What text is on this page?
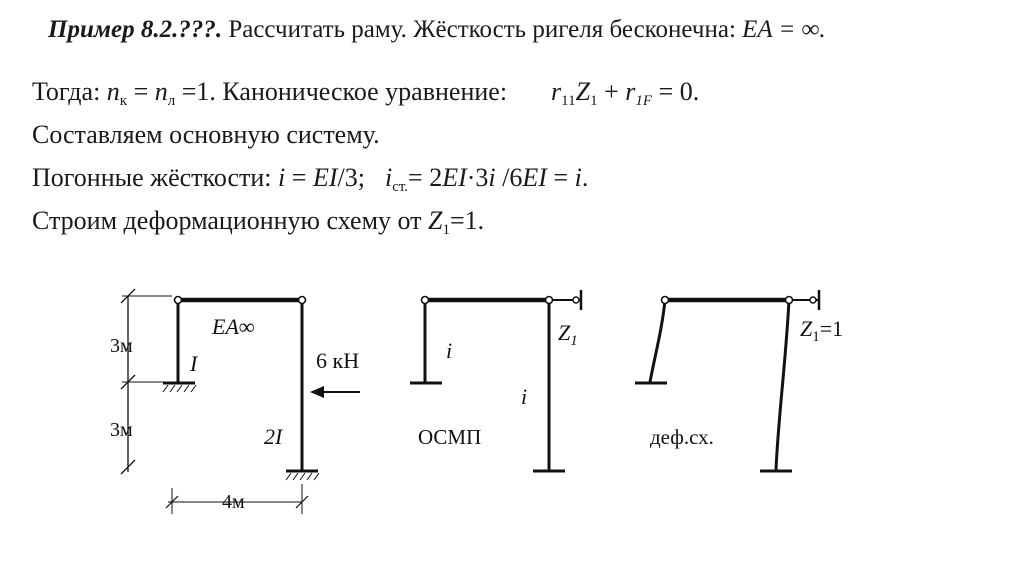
Пример 8.2.???. Рассчитать раму. Жёсткость ригеля бесконечна: EA = ∞.
Тогда: $n_к = n_л =1$. Каноническое уравнение: $r_{11}Z_1 + r_{1F} = 0$.
Составляем основную систему.
Погонные жёсткости: i = EI/3; $i_{ст.}= 2EI\cdot 3i$ /6EI = i.
Строим деформационную схему от $Z_1=1$.
3м
3м
4м
EA∞
I
2I
6 кН	i
i
$Z_1$
ОСМП
$Z_1=1$
деф.сх.
